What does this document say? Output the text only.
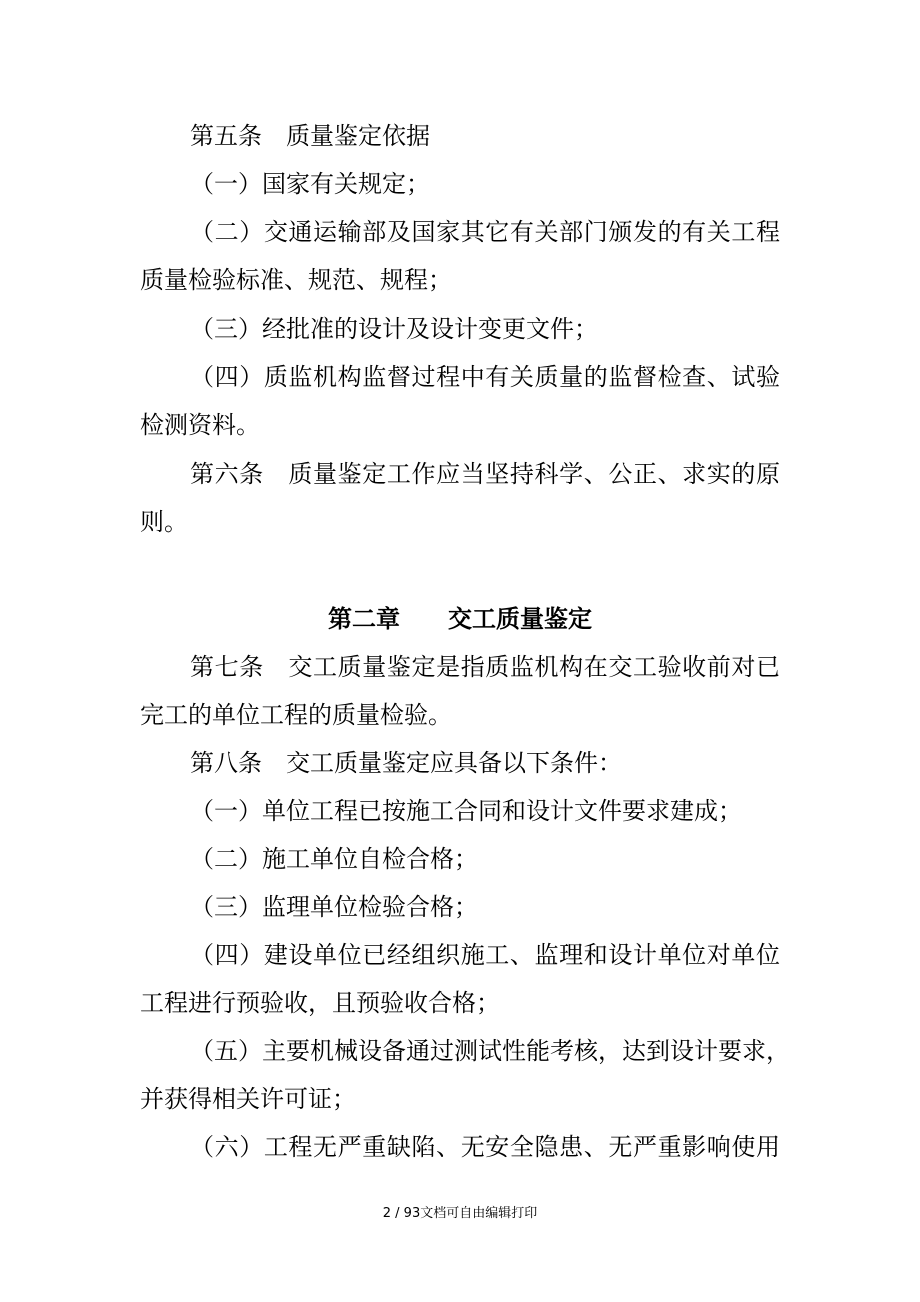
第五条　质量鉴定依据
（一）国家有关规定；
（二）交通运输部及国家其它有关部门颁发的有关工程
质量检验标准、规范、规程；
（三）经批准的设计及设计变更文件；
（四）质监机构监督过程中有关质量的监督检查、试验
检测资料。
第六条　质量鉴定工作应当坚持科学、公正、求实的原
则。
第二章　　交工质量鉴定
第七条　交工质量鉴定是指质监机构在交工验收前对已
完工的单位工程的质量检验。
第八条　交工质量鉴定应具备以下条件：
（一）单位工程已按施工合同和设计文件要求建成；
（二）施工单位自检合格；
（三）监理单位检验合格；
（四）建设单位已经组织施工、监理和设计单位对单位
工程进行预验收，且预验收合格；
（五）主要机械设备通过测试性能考核，达到设计要求，
并获得相关许可证；
（六）工程无严重缺陷、无安全隐患、无严重影响使用
2 / 93文档可自由编辑打印
